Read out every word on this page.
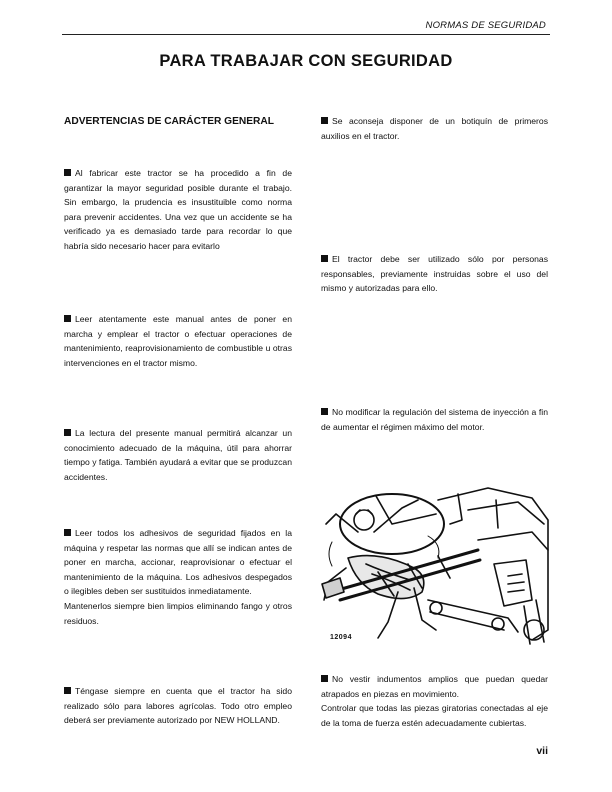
NORMAS DE SEGURIDAD
PARA TRABAJAR CON SEGURIDAD
ADVERTENCIAS DE CARÁCTER GENERAL

Al fabricar este tractor se ha procedido a fin de garantizar la mayor seguridad posible durante el trabajo. Sin embargo, la prudencia es insustituible como norma para prevenir accidentes. Una vez que un accidente se ha verificado ya es demasiado tarde para recordar lo que habría sido necesario hacer para evitarlo

Leer atentamente este manual antes de poner en marcha y emplear el tractor o efectuar operaciones de mantenimiento, reaprovisionamiento de combustible u otras intervenciones en el tractor mismo.

La lectura del presente manual permitirá alcanzar un conocimiento adecuado de la máquina, útil para ahorrar tiempo y fatiga. También ayudará a evitar que se produzcan accidentes.

Leer todos los adhesivos de seguridad fijados en la máquina y respetar las normas que allí se indican antes de poner en marcha, accionar, reaprovisionar o efectuar el mantenimiento de la máquina. Los adhesivos despegados o ilegibles deben ser sustituidos inmediatamente.
Mantenerlos siempre bien limpios eliminando fango y otros residuos.

Téngase siempre en cuenta que el tractor ha sido realizado sólo para labores agrícolas. Todo otro empleo deberá ser previamente autorizado por NEW HOLLAND.

Se aconseja disponer de un botiquín de primeros auxilios en el tractor.

El tractor debe ser utilizado sólo por personas responsables, previamente instruidas sobre el uso del mismo y autorizadas para ello.

No modificar la regulación del sistema de inyección a fin de aumentar el régimen máximo del motor.

12094

No vestir indumentos amplios que puedan quedar atrapados en piezas en movimiento.
Controlar que todas las piezas giratorias conectadas al eje de la toma de fuerza estén adecuadamente cubiertas.

vii
